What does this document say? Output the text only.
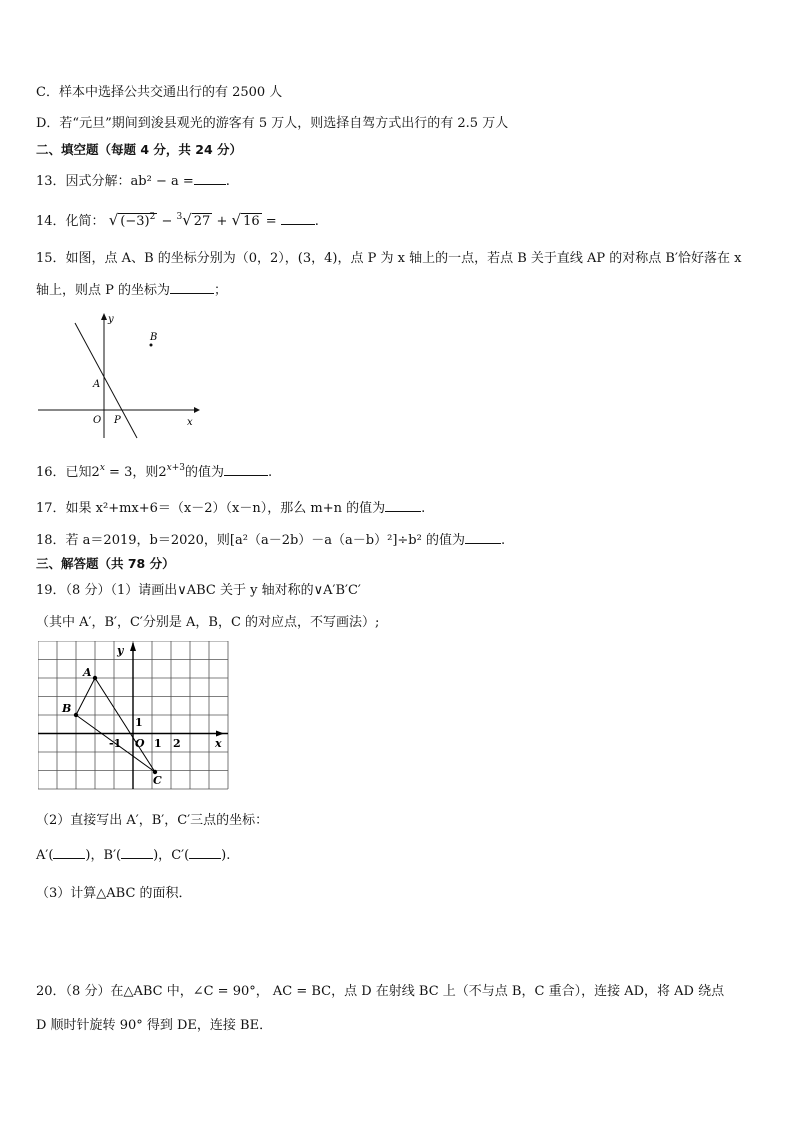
C．样本中选择公共交通出行的有 2500 人
D．若“元旦”期间到浚县观光的游客有 5 万人，则选择自驾方式出行的有 2.5 万人
二、填空题（每题 4 分，共 24 分）
13．因式分解：ab² − a = .
14．化简： √ $(-3)^2 - ^3√$ 27 + √ 16 =	.
15．如图，点 A、B 的坐标分别为（0，2），(3，4)，点 P 为 x 轴上的一点，若点 B 关于直线 AP 的对称点 B′恰好落在 x
轴上，则点 P 的坐标为	；
y
x
B
A
O P
16．已知$2^x = 3$，则$2^{x+3}$的值为	.
17．如果 x²+mx+6＝（x－2）（x－n），那么 m+n 的值为	.
18．若 a＝2019，b＝2020，则[a²（a－2b）－a（a－b）²]÷b² 的值为	.
三、解答题（共 78 分）
19．（8 分）（1）请画出∨ABC 关于 y 轴对称的∨A′B′C′
（其中 A′，B′，C′分别是 A，B，C 的对应点，不写画法）;
y
x
A
B
C
O
1
-1	1 2
（2）直接写出 A′，B′，C′三点的坐标：
A′( )，B′( )，C′( ).
（3）计算△ABC 的面积．
20．（8 分）在△ABC 中，∠C = 90°， AC = BC，点 D 在射线 BC 上（不与点 B，C 重合），连接 AD，将 AD 绕点
D 顺时针旋转 90° 得到 DE，连接 BE．
